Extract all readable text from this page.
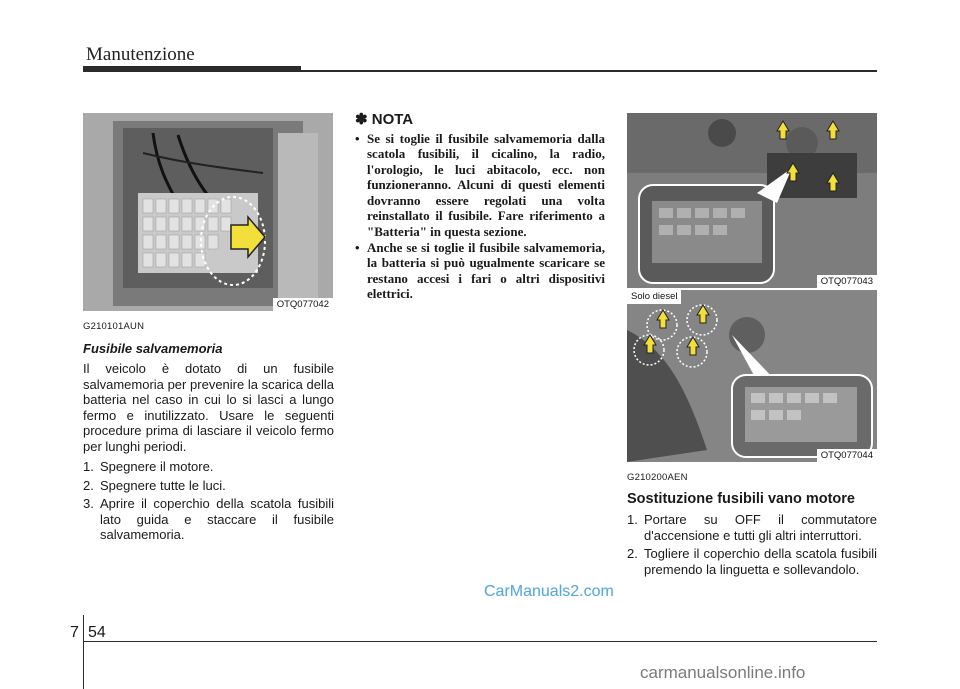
Manutenzione
OTQ077042
G210101AUN
Fusibile salvamemoria
Il veicolo è dotato di un fusibile salvamemoria per prevenire la scarica della batteria nel caso in cui lo si lasci a lungo fermo e inutilizzato. Usare le seguenti procedure prima di lasciare il veicolo fermo per lunghi periodi.
1. Spegnere il motore.
2. Spegnere tutte le luci.
3. Aprire il coperchio della scatola fusibili lato guida e staccare il fusibile salvamemoria.
✽ NOTA
• Se si toglie il fusibile salvamemoria dalla scatola fusibili, il cicalino, la radio, l'orologio, le luci abitacolo, ecc. non funzioneranno. Alcuni di questi elementi dovranno essere regolati una volta reinstallato il fusibile. Fare riferimento a "Batteria" in questa sezione.
• Anche se si toglie il fusibile salvamemoria, la batteria si può ugualmente scaricare se restano accesi i fari o altri dispositivi elettrici.
OTQ077043
Solo diesel
OTQ077044
G210200AEN
Sostituzione fusibili vano motore
1. Portare su OFF il commutatore d'accensione e tutti gli altri interruttori.
2. Togliere il coperchio della scatola fusibili premendo la linguetta e sollevandolo.
CarManuals2.com
7 54
carmanualsonline.info
